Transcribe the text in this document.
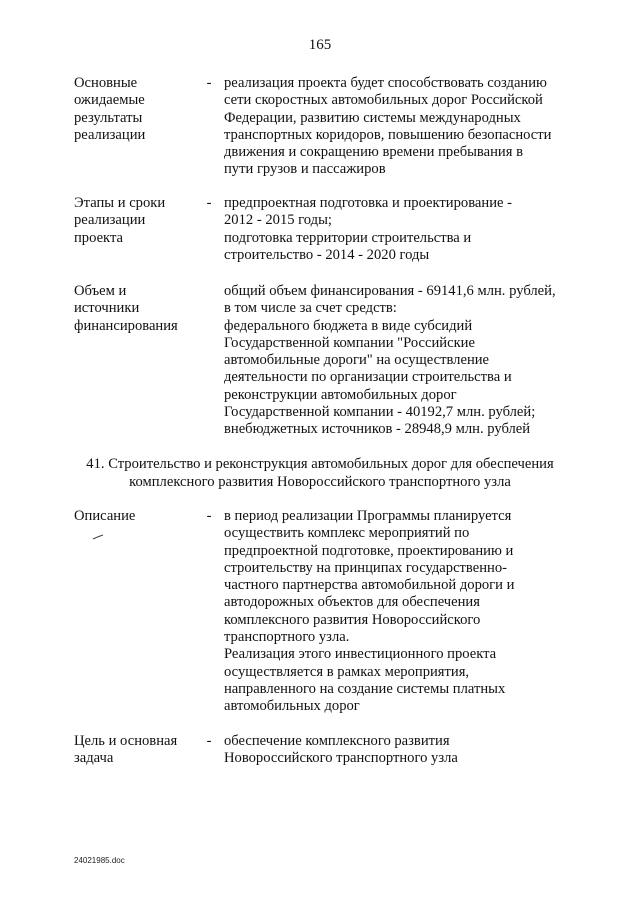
165
Основные
ожидаемые
результаты
реализации
- реализация проекта будет способствовать созданию
сети скоростных автомобильных дорог Российской
Федерации, развитию системы международных
транспортных коридоров, повышению безопасности
движения и сокращению времени пребывания в
пути грузов и пассажиров
Этапы и сроки
реализации
проекта
- предпроектная подготовка и проектирование -
2012 - 2015 годы;
подготовка территории строительства и
строительство - 2014 - 2020 годы
Объем и
источники
финансирования
общий объем финансирования - 69141,6 млн. рублей,
в том числе за счет средств:
федерального бюджета в виде субсидий
Государственной компании "Российские
автомобильные дороги" на осуществление
деятельности по организации строительства и
реконструкции автомобильных дорог
Государственной компании - 40192,7 млн. рублей;
внебюджетных источников - 28948,9 млн. рублей
41. Строительство и реконструкция автомобильных дорог для обеспечения
комплексного развития Новороссийского транспортного узла
Описание	- в период реализации Программы планируется
осуществить комплекс мероприятий по
предпроектной подготовке, проектированию и
строительству на принципах государственно-
частного партнерства автомобильной дороги и
автодорожных объектов для обеспечения
комплексного развития Новороссийского
транспортного узла.
Реализация этого инвестиционного проекта
осуществляется в рамках мероприятия,
направленного на создание системы платных
автомобильных дорог
Цель и основная
задача
- обеспечение комплексного развития
Новороссийского транспортного узла
24021985.doc
